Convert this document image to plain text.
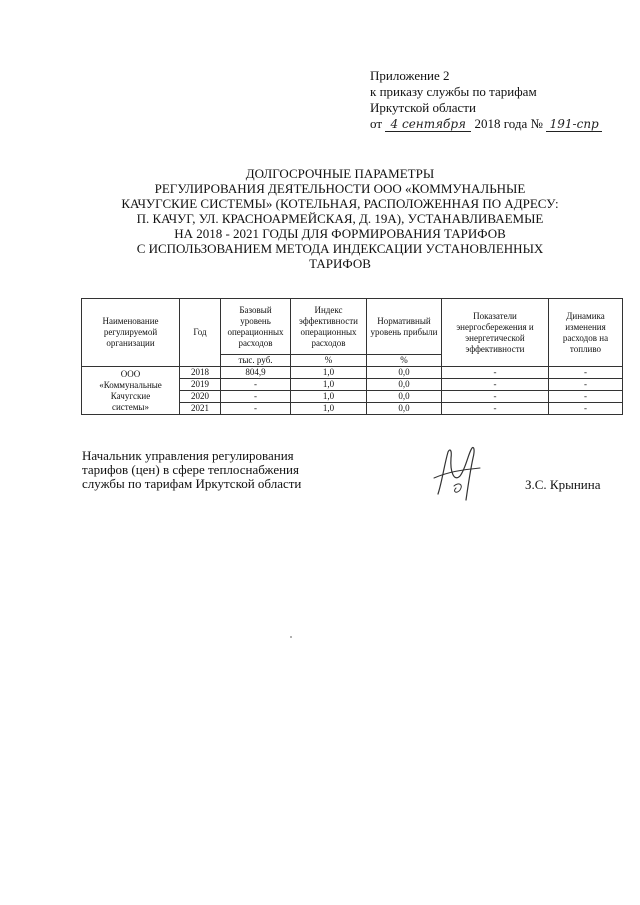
Приложение 2
к приказу службы по тарифам
Иркутской области
от 4 сентября 2018 года № 191-спр
ДОЛГОСРОЧНЫЕ ПАРАМЕТРЫ
РЕГУЛИРОВАНИЯ ДЕЯТЕЛЬНОСТИ ООО «КОММУНАЛЬНЫЕ
КАЧУГСКИЕ СИСТЕМЫ» (КОТЕЛЬНАЯ, РАСПОЛОЖЕННАЯ ПО АДРЕСУ:
П. КАЧУГ, УЛ. КРАСНОАРМЕЙСКАЯ, Д. 19А), УСТАНАВЛИВАЕМЫЕ
НА 2018 - 2021 ГОДЫ ДЛЯ ФОРМИРОВАНИЯ ТАРИФОВ
С ИСПОЛЬЗОВАНИЕМ МЕТОДА ИНДЕКСАЦИИ УСТАНОВЛЕННЫХ
ТАРИФОВ
Наименование регулируемой организации	Год	Базовый уровень операционных расходов	Индекс эффективности операционных расходов	Нормативный уровень прибыли	Показатели энергосбережения и энергетической эффективности	Динамика изменения расходов на топливо
		тыс. руб.	%	%		

ООО
«Коммунальные
Качугские
системы»	2018	804,9	1,0	0,0	-	-
	2019	-	1,0	0,0	-	-
	2020	-	1,0	0,0	-	-
	2021	-	1,0	0,0	-	-
Начальник управления регулирования
тарифов (цен) в сфере теплоснабжения
службы по тарифам Иркутской области	З.С. Крынина
